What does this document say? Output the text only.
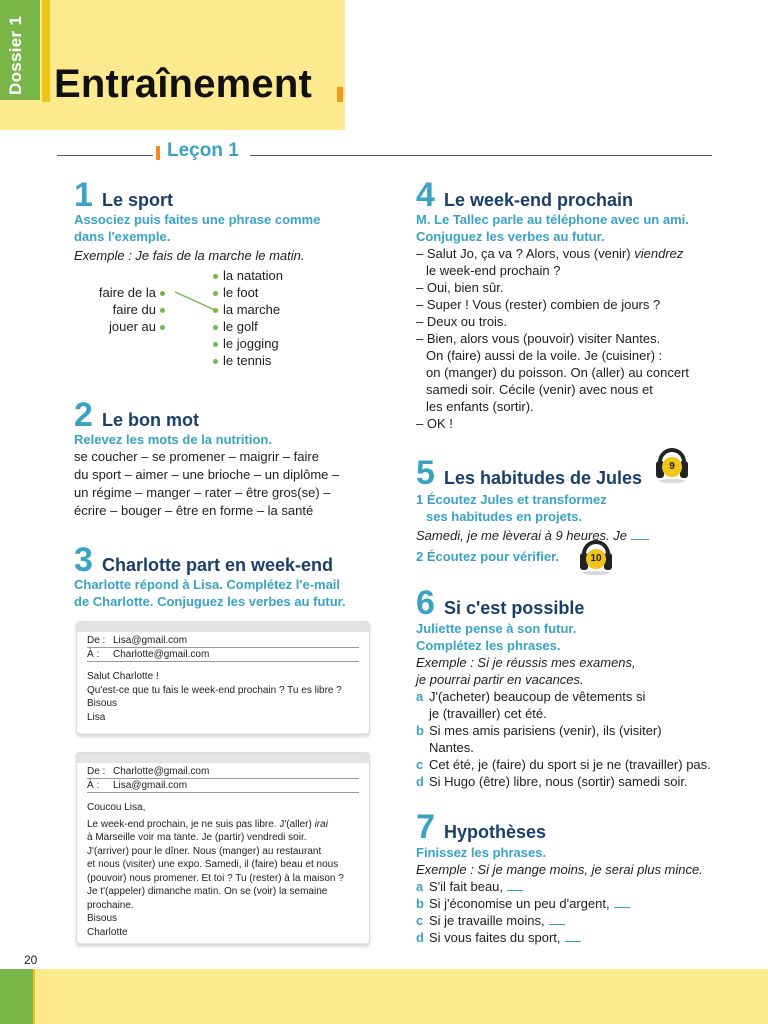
Dossier 1 Entraînement
Leçon 1
1 Le sport
Associez puis faites une phrase comme
dans l'exemple.
Exemple : Je fais de la marche le matin.
faire de la
faire du
jouer au
la natation
le foot
la marche
le golf
le jogging
le tennis
2 Le bon mot
Relevez les mots de la nutrition.
se coucher – se promener – maigrir – faire
du sport – aimer – une brioche – un diplôme –
un régime – manger – rater – être gros(se) –
écrire – bouger – être en forme – la santé
3 Charlotte part en week-end
Charlotte répond à Lisa. Complétez l'e-mail
de Charlotte. Conjuguez les verbes au futur.
De : Lisa@gmail.com
À :	Charlotte@gmail.com
Salut Charlotte !
Qu'est-ce que tu fais le week-end prochain ? Tu es libre ?
Bisous
Lisa
De : Charlotte@gmail.com
À :	Lisa@gmail.com
Coucou Lisa,
Le week-end prochain, je ne suis pas libre. J'(aller) irai
à Marseille voir ma tante. Je (partir) vendredi soir.
J'(arriver) pour le dîner. Nous (manger) au restaurant
et nous (visiter) une expo. Samedi, il (faire) beau et nous
(pouvoir) nous promener. Et toi ? Tu (rester) à la maison ?
Je t'(appeler) dimanche matin. On se (voir) la semaine
prochaine.
Bisous
Charlotte
4 Le week-end prochain
M. Le Tallec parle au téléphone avec un ami.
Conjuguez les verbes au futur.
– Salut Jo, ça va ? Alors, vous (venir) viendrez
le week-end prochain ?
– Oui, bien sûr.
– Super ! Vous (rester) combien de jours ?
– Deux ou trois.
– Bien, alors vous (pouvoir) visiter Nantes.
On (faire) aussi de la voile. Je (cuisiner) :
on (manger) du poisson. On (aller) au concert
samedi soir. Cécile (venir) avec nous et
les enfants (sortir).
– OK !
5 Les habitudes de Jules
1 Écoutez Jules et transformez
ses habitudes en projets.
Samedi, je me lèverai à 9 heures. Je
2 Écoutez pour vérifier.
9
10
6 Si c'est possible
Juliette pense à son futur.
Complétez les phrases.
Exemple : Si je réussis mes examens,
je pourrai partir en vacances.
a J'(acheter) beaucoup de vêtements si
je (travailler) cet été.
b Si mes amis parisiens (venir), ils (visiter)
Nantes.
c Cet été, je (faire) du sport si je ne (travailler) pas.
d Si Hugo (être) libre, nous (sortir) samedi soir.
7 Hypothèses
Finissez les phrases.
Exemple : Si je mange moins, je serai plus mince.
a S'il fait beau,
b Si j'économise un peu d'argent,
c Si je travaille moins,
d Si vous faites du sport,
20
